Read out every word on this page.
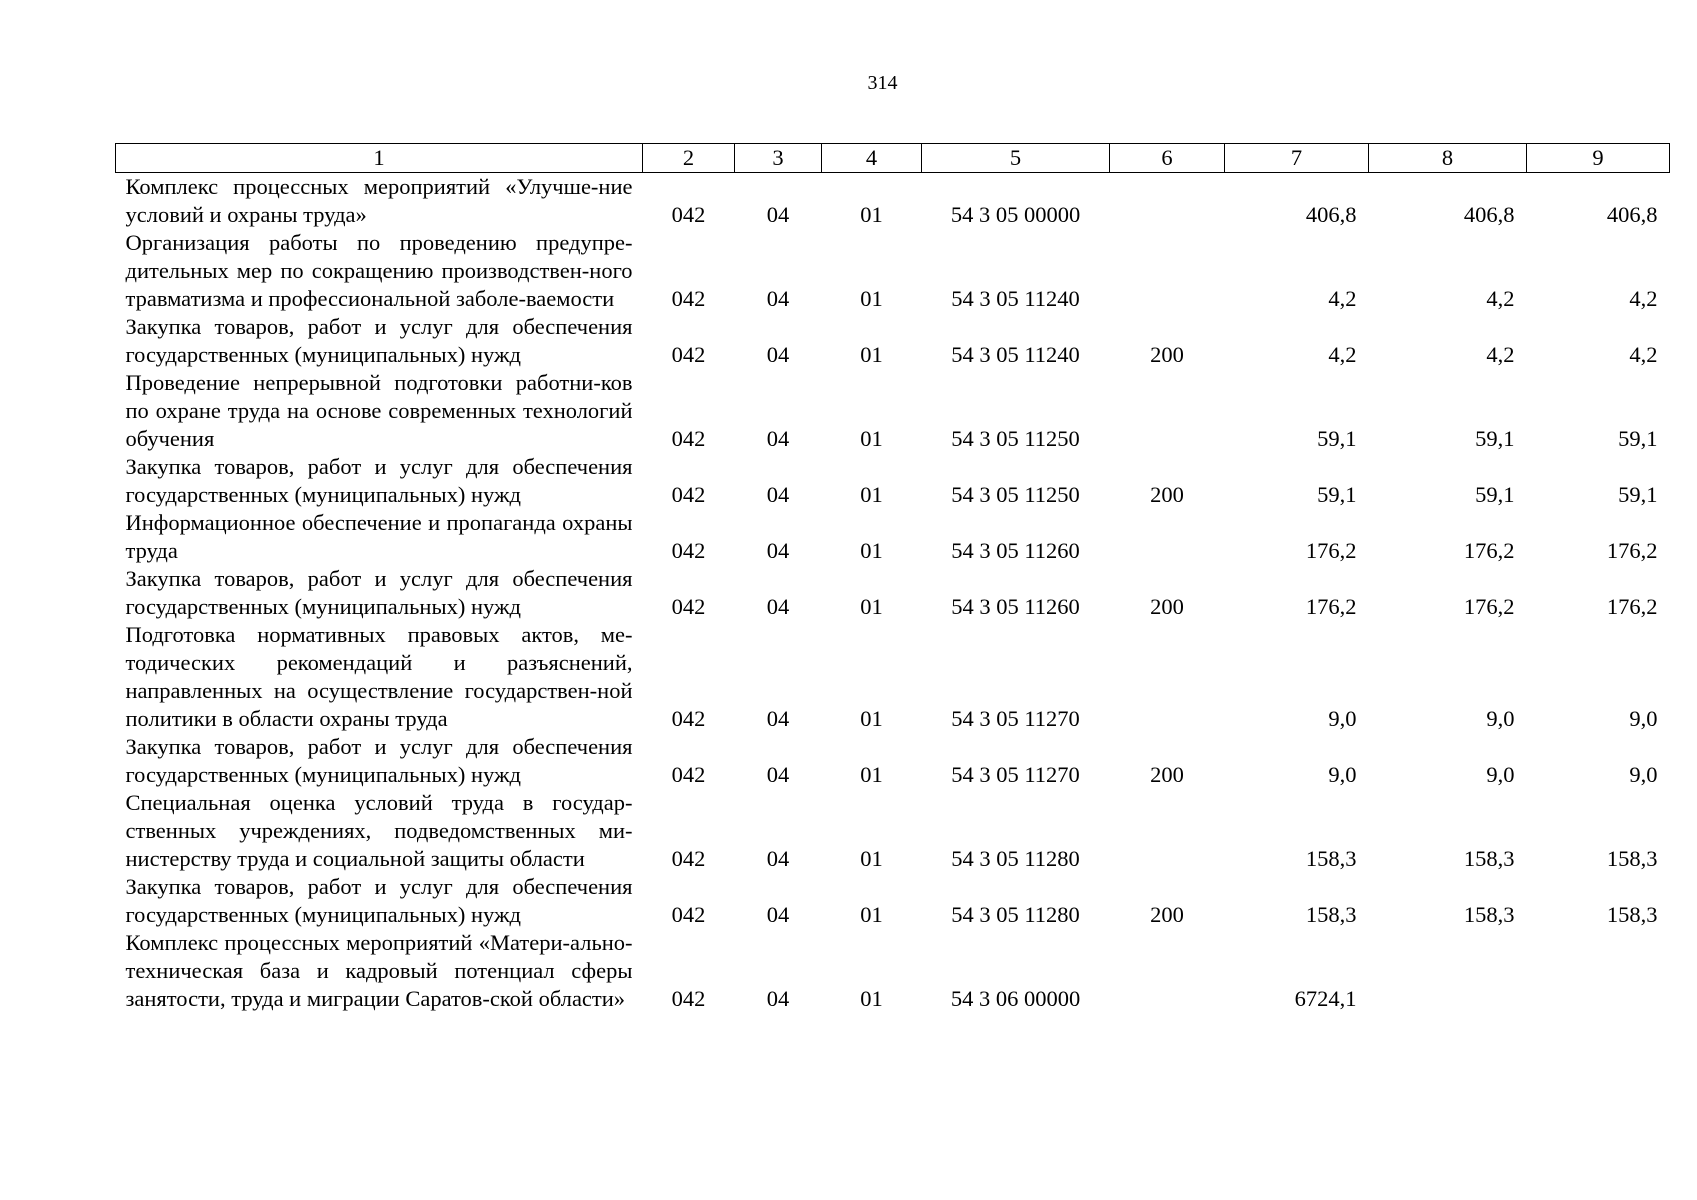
314
1	2	3	4	5	6	7	8	9
Комплекс процессных мероприятий «Улучше-ние условий и охраны труда»	042	04	01	54 3 05 00000		406,8	406,8	406,8
Организация работы по проведению предупре-дительных мер по сокращению производствен-ного травматизма и профессиональной заболе-ваемости	042	04	01	54 3 05 11240		4,2	4,2	4,2
Закупка товаров, работ и услуг для обеспечения государственных (муниципальных) нужд	042	04	01	54 3 05 11240	200	4,2	4,2	4,2
Проведение непрерывной подготовки работни-ков по охране труда на основе современных технологий обучения	042	04	01	54 3 05 11250		59,1	59,1	59,1
Закупка товаров, работ и услуг для обеспечения государственных (муниципальных) нужд	042	04	01	54 3 05 11250	200	59,1	59,1	59,1
Информационное обеспечение и пропаганда охраны труда	042	04	01	54 3 05 11260		176,2	176,2	176,2
Закупка товаров, работ и услуг для обеспечения государственных (муниципальных) нужд	042	04	01	54 3 05 11260	200	176,2	176,2	176,2
Подготовка нормативных правовых актов, ме-тодических рекомендаций и разъяснений, направленных на осуществление государствен-ной политики в области охраны труда	042	04	01	54 3 05 11270		9,0	9,0	9,0
Закупка товаров, работ и услуг для обеспечения государственных (муниципальных) нужд	042	04	01	54 3 05 11270	200	9,0	9,0	9,0
Специальная оценка условий труда в государ-ственных учреждениях, подведомственных ми-нистерству труда и социальной защиты области	042	04	01	54 3 05 11280		158,3	158,3	158,3
Закупка товаров, работ и услуг для обеспечения государственных (муниципальных) нужд	042	04	01	54 3 05 11280	200	158,3	158,3	158,3
Комплекс процессных мероприятий «Матери-ально-техническая база и кадровый потенциал сферы занятости, труда и миграции Саратов-ской области»	042	04	01	54 3 06 00000		6724,1		
